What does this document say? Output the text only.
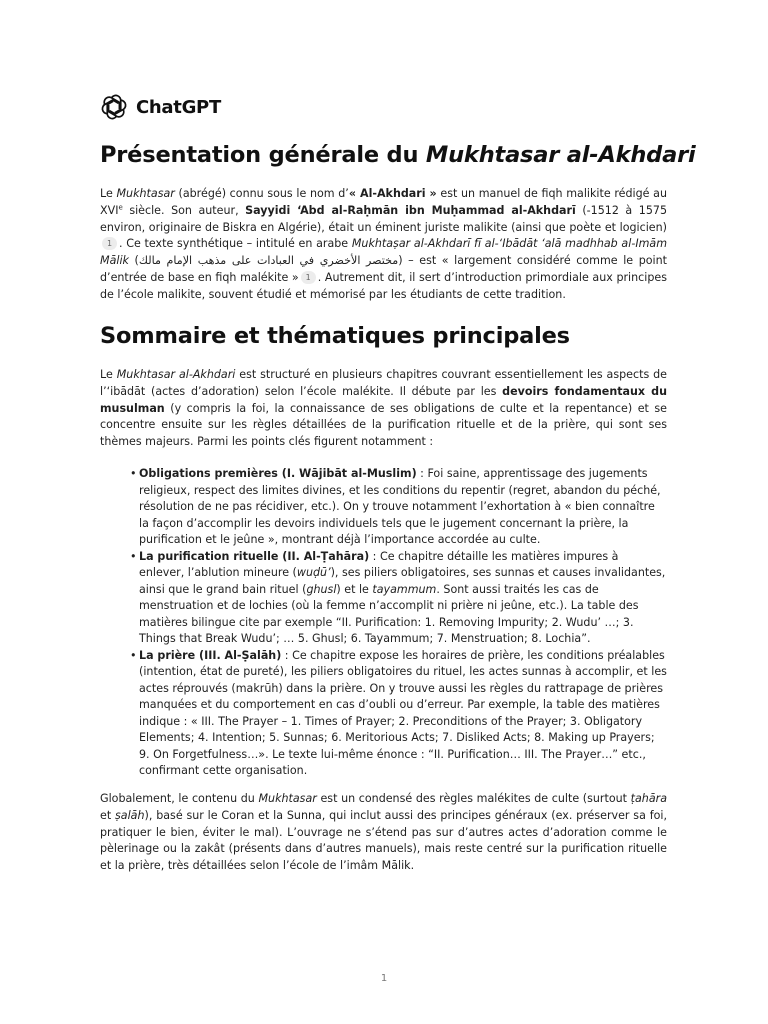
ChatGPT
Présentation générale du Mukhtasar al-Akhdari

Le Mukhtasar (abrégé) connu sous le nom d’« Al-Akhdari » est un manuel de fiqh malikite rédigé au XVIe siècle. Son auteur, Sayyidi ‘Abd al-Raḥmān ibn Muḥammad al-Akhdarī (-1512 à 1575 environ, originaire de Biskra en Algérie), était un éminent juriste malikite (ainsi que poète et logicien)1 . Ce texte synthétique – intitulé en arabe Mukhtaṣar al-Akhdarī fī al-‘Ibādāt ‘alā madhhab al-Imām Mālik (مختصر الأخضري في العبادات على مذهب الإمام مالك) – est « largement considéré comme le point d’entrée de base en fiqh malékite » 1 . Autrement dit, il sert d’introduction primordiale aux principes de l’école malikite, souvent étudié et mémorisé par les étudiants de cette tradition.

Sommaire et thématiques principales

Le Mukhtasar al-Akhdari est structuré en plusieurs chapitres couvrant essentiellement les aspects de l’‘ibādāt (actes d’adoration) selon l’école malékite. Il débute par les devoirs fondamentaux du musulman (y compris la foi, la connaissance de ses obligations de culte et la repentance) et se concentre ensuite sur les règles détaillées de la purification rituelle et de la prière, qui sont ses thèmes majeurs. Parmi les points clés figurent notamment :

• Obligations premières (I. Wājibāt al-Muslim) : Foi saine, apprentissage des jugements religieux, respect des limites divines, et les conditions du repentir (regret, abandon du péché, résolution de ne pas récidiver, etc.). On y trouve notamment l’exhortation à « bien connaître la façon d’accomplir les devoirs individuels tels que le jugement concernant la prière, la purification et le jeûne », montrant déjà l’importance accordée au culte.
• La purification rituelle (II. Al-Ṭahāra) : Ce chapitre détaille les matières impures à enlever, l’ablution mineure (wuḍū’), ses piliers obligatoires, ses sunnas et causes invalidantes, ainsi que le grand bain rituel (ghusl) et le tayammum. Sont aussi traités les cas de menstruation et de lochies (où la femme n’accomplit ni prière ni jeûne, etc.). La table des matières bilingue cite par exemple “II. Purification: 1. Removing Impurity; 2. Wudu’ …; 3. Things that Break Wudu’; … 5. Ghusl; 6. Tayammum; 7. Menstruation; 8. Lochia”.
• La prière (III. Al-Ṣalāh) : Ce chapitre expose les horaires de prière, les conditions préalables (intention, état de pureté), les piliers obligatoires du rituel, les actes sunnas à accomplir, et les actes réprouvés (makrūh) dans la prière. On y trouve aussi les règles du rattrapage de prières manquées et du comportement en cas d’oubli ou d’erreur. Par exemple, la table des matières indique : « III. The Prayer – 1. Times of Prayer; 2. Preconditions of the Prayer; 3. Obligatory Elements; 4. Intention; 5. Sunnas; 6. Meritorious Acts; 7. Disliked Acts; 8. Making up Prayers; 9. On Forgetfulness…». Le texte lui-même énonce : “II. Purification… III. The Prayer…” etc., confirmant cette organisation.

Globalement, le contenu du Mukhtasar est un condensé des règles malékites de culte (surtout ṭahāra et ṣalāh), basé sur le Coran et la Sunna, qui inclut aussi des principes généraux (ex. préserver sa foi, pratiquer le bien, éviter le mal). L’ouvrage ne s’étend pas sur d’autres actes d’adoration comme le pèlerinage ou la zakât (présents dans d’autres manuels), mais reste centré sur la purification rituelle et la prière, très détaillées selon l’école de l’imâm Mālik.

1
